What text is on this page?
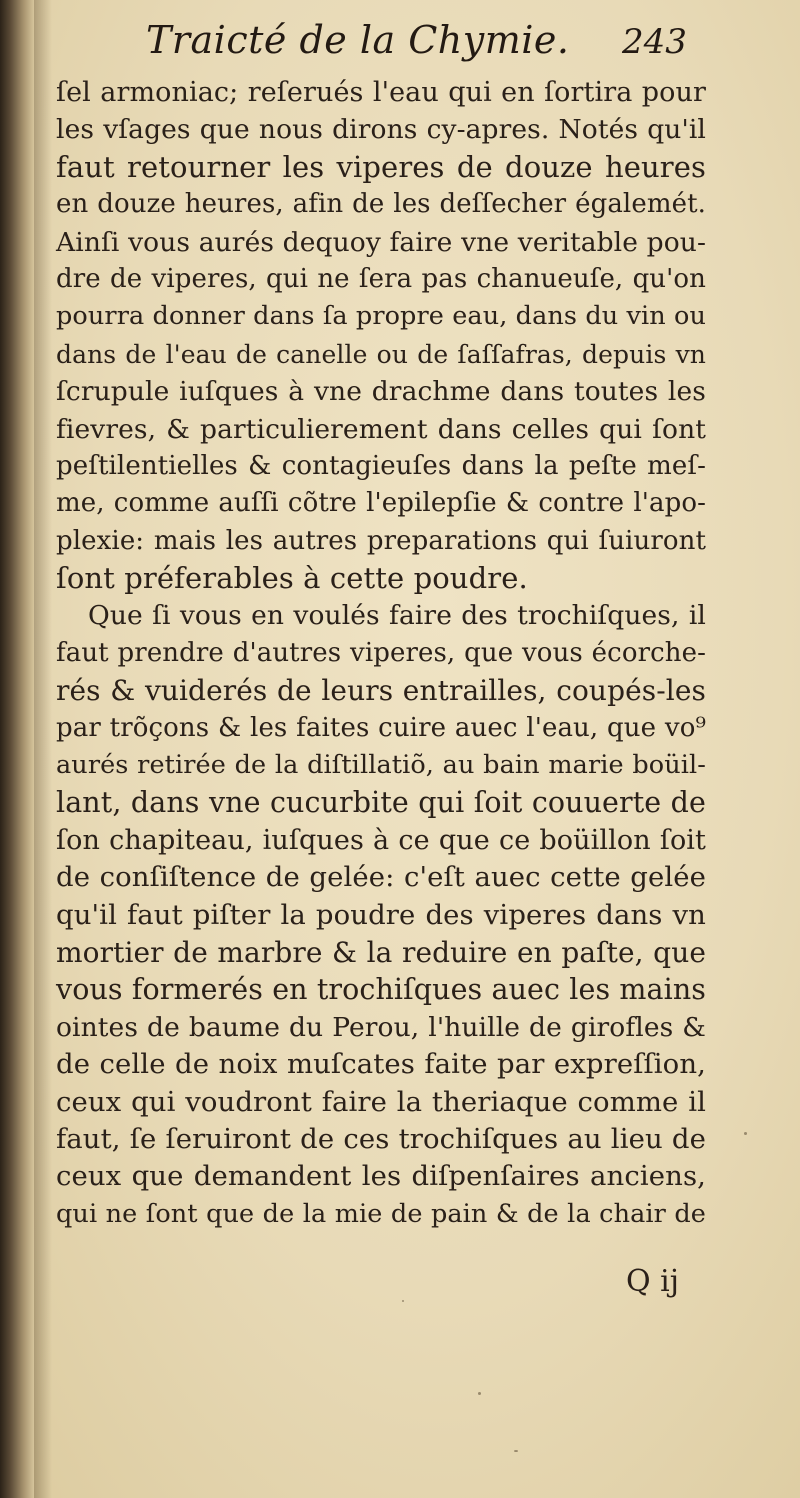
Traicté de la Chymie. 243
ſel armoniac; reſerués l'eau qui en ſortira pour
les vſages que nous dirons cy-apres. Notés qu'il
faut retourner les viperes de douze heures
en douze heures, afin de les deſſecher égalemét.
Ainſi vous aurés dequoy faire vne veritable pou-
dre de viperes, qui ne ſera pas chanueuſe, qu'on
pourra donner dans ſa propre eau, dans du vin ou
dans de l'eau de canelle ou de ſaſſafras, depuis vn
ſcrupule iuſques à vne drachme dans toutes les
fievres, & particulierement dans celles qui ſont
peſtilentielles & contagieuſes dans la peſte meſ-
me, comme auſſi cõtre l'epilepſie & contre l'apo-
plexie: mais les autres preparations qui ſuiuront
ſont préferables à cette poudre.
Que ſi vous en voulés faire des trochiſques, il
faut prendre d'autres viperes, que vous écorche-
rés & vuiderés de leurs entrailles, coupés-les
par trõçons & les faites cuire auec l'eau, que vo⁹
aurés retirée de la diſtillatiõ, au bain marie boüil-
lant, dans vne cucurbite qui ſoit couuerte de
ſon chapiteau, iuſques à ce que ce boüillon ſoit
de conſiſtence de gelée: c'eſt auec cette gelée
qu'il faut piſter la poudre des viperes dans vn
mortier de marbre & la reduire en paſte, que
vous formerés en trochiſques auec les mains
ointes de baume du Perou, l'huille de girofles &
de celle de noix muſcates faite par expreſſion,
ceux qui voudront faire la theriaque comme il
faut, ſe ſeruiront de ces trochiſques au lieu de
ceux que demandent les diſpenſaires anciens,
qui ne ſont que de la mie de pain & de la chair de
Q ij
